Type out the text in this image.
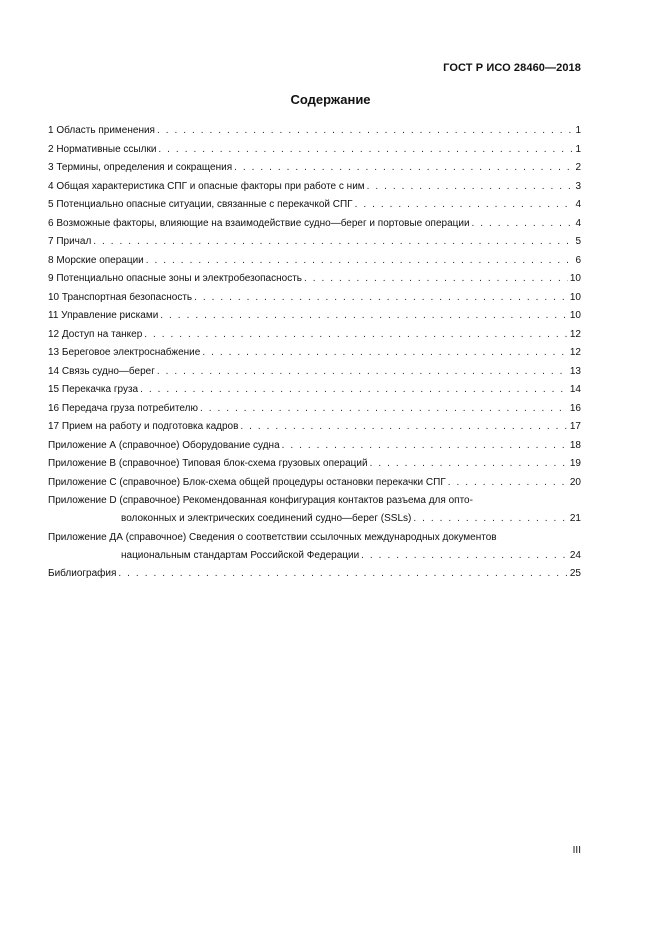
ГОСТ Р ИСО 28460—2018
Содержание
1 Область применения . . .	1
2 Нормативные ссылки . . .	1
3 Термины, определения и сокращения . . .	2
4 Общая характеристика СПГ и опасные факторы при работе с ним . . .	3
5 Потенциально опасные ситуации, связанные с перекачкой СПГ . . .	4
6 Возможные факторы, влияющие на взаимодействие судно—берег и портовые операции . . .	4
7 Причал . . .	5
8 Морские операции . . .	6
9 Потенциально опасные зоны и электробезопасность . . .	10
10 Транспортная безопасность . . .	10
11 Управление рисками . . .	10
12 Доступ на танкер . . .	12
13 Береговое электроснабжение . . .	12
14 Связь судно—берег . . .	13
15 Перекачка груза . . .	14
16 Передача груза потребителю . . .	16
17 Прием на работу и подготовка кадров . . .	17
Приложение А (справочное) Оборудование судна . . .	18
Приложение В (справочное) Типовая блок-схема грузовых операций . . .	19
Приложение С (справочное) Блок-схема общей процедуры остановки перекачки СПГ . . .	20
Приложение D (справочное) Рекомендованная конфигурация контактов разъема для опто-
волоконных и электрических соединений судно—берег (SSLs) . . .	21
Приложение ДА (справочное) Сведения о соответствии ссылочных международных документов
национальным стандартам Российской Федерации . . .	24
Библиография . . .	25
III
